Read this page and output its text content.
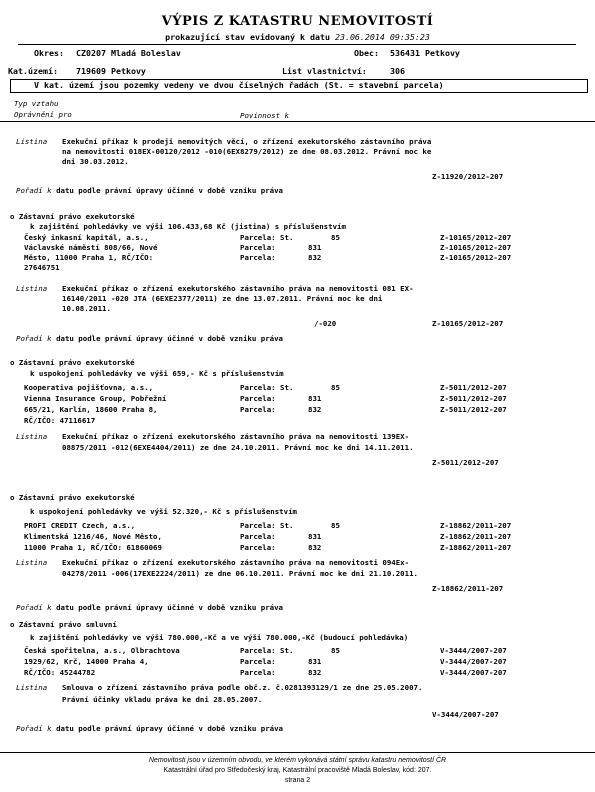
VÝPIS Z KATASTRU NEMOVITOSTÍ
prokazující stav evidovaný k datu 23.06.2014 09:35:23
Okres: CZ0207 Mladá Boleslav	Obec: 536431 Petkovy
Kat.území: 719609 Petkovy	List vlastnictví:	306
V kat. území jsou pozemky vedeny ve dvou číselných řadách (St. = stavební parcela)
Typ vztahu
Oprávnění pro	Povinnost k
Listina Exekuční příkaz k prodeji nemovitých věcí, o zřízení exekutorského zástavního práva
na nemovitosti 018EX-00120/2012 -010(6EX8279/2012) ze dne 08.03.2012. Právní moc ke
dni 30.03.2012.
Z-11920/2012-207
Pořadí k datu podle právní úpravy účinné v době vzniku práva
o Zástavní právo exekutorské
k zajištění pohledávky ve výši 106.433,68 Kč (jistina) s příslušenstvím
Český inkasní kapitál, a.s.,
Václavské náměstí 808/66, Nové
Město, 11000 Praha 1, RČ/IČO:
27646751
Parcela: St.	85	Z-10165/2012-207
Parcela:	831	Z-10165/2012-207
Parcela:	832	Z-10165/2012-207
Listina Exekuční příkaz o zřízení exekutorského zástavního práva na nemovitosti 081 EX-
16140/2011 -020 JTA (6EXE2377/2011) ze dne 13.07.2011. Právní moc ke dni
10.08.2011.
/-020	Z-10165/2012-207
Pořadí k datu podle právní úpravy účinné v době vzniku práva
o Zástavní právo exekutorské
k uspokojení pohledávky ve výši 659,- Kč s příslušenstvím
Kooperativa pojišťovna, a.s.,
Vienna Insurance Group, Pobřežní
665/21, Karlín, 18600 Praha 8,
RČ/IČO: 47116617
Parcela: St.	85	Z-5011/2012-207
Parcela:	831	Z-5011/2012-207
Parcela:	832	Z-5011/2012-207
Listina Exekuční příkaz o zřízení exekutorského zástavního práva na nemovitosti 139EX-
08875/2011 -012(6EXE4404/2011) ze dne 24.10.2011. Právní moc ke dni 14.11.2011.
Z-5011/2012-207
o Zástavní právo exekutorské
k uspokojení pohledávky ve výši 52.320,- Kč s příslušenstvím
PROFI CREDIT Czech, a.s.,
Klimentská 1216/46, Nové Město,
11000 Praha 1, RČ/IČO: 61860069
Parcela: St.	85	Z-18862/2011-207
Parcela:	831	Z-18862/2011-207
Parcela:	832	Z-18862/2011-207
Listina Exekuční příkaz o zřízení exekutorského zástavního práva na nemovitosti 094Ex-
04278/2011 -006(17EXE2224/2011) ze dne 06.10.2011. Právní moc ke dni 21.10.2011.
Z-18862/2011-207
Pořadí k datu podle právní úpravy účinné v době vzniku práva
o Zástavní právo smluvní
k zajištění pohledávky ve výši 780.000,-Kč a ve výši 780.000,-Kč (budoucí pohledávka)
Česká spořitelna, a.s., Olbrachtova
1929/62, Krč, 14000 Praha 4,
RČ/IČO: 45244782
Parcela: St.	85	V-3444/2007-207
Parcela:	831	V-3444/2007-207
Parcela:	832	V-3444/2007-207
Listina Smlouva o zřízení zástavního práva podle obč.z. č.0281393129/1 ze dne 25.05.2007.
Právní účinky vkladu práva ke dni 28.05.2007.
V-3444/2007-207
Pořadí k datu podle právní úpravy účinné v době vzniku práva
Nemovitosti jsou v územním obvodu, ve kterém vykonává státní správu katastru nemovitostí ČR
Katastrální úřad pro Středočeský kraj, Katastrální pracoviště Mladá Boleslav, kód: 207.
strana 2
